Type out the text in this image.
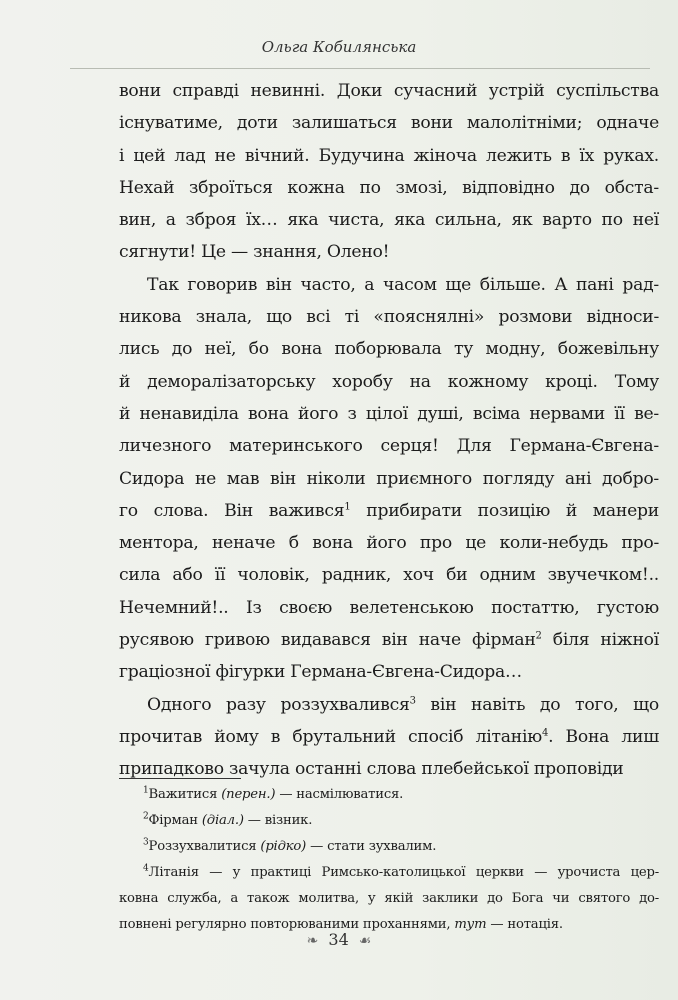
Ольга Кобилянська
вони справді невинні. Доки сучасний устрій суспільства
існуватиме, доти залишаться вони малолітніми; одначе
і цей лад не вічний. Будучина жіноча лежить в їх руках.
Нехай зброїться кожна по змозі, відповідно до обста-
вин, а зброя їх… яка чиста, яка сильна, як варто по неї
сягнути! Це — знання, Олено!
Так говорив він часто, а часом ще більше. А пані рад-
никова знала, що всі ті «пояснялні» розмови відноси-
лись до неї, бо вона поборювала ту модну, божевільну
й деморалізаторську хоробу на кожному кроці. Тому
й ненавиділа вона його з цілої душі, всіма нервами її ве-
личезного материнського серця! Для Германа-Євгена-
Сидора не мав він ніколи приємного погляду ані добро-
го слова. Він важився$^1$ прибирати позицію й манери
ментора, неначе б вона його про це коли-небудь про-
сила або її чоловік, радник, хоч би одним звучечком!..
Нечемний!.. Із своєю велетенською постаттю, густою
русявою гривою видавався він наче фірман$^2$ біля ніжної
граціозної фігурки Германа-Євгена-Сидора…
Одного разу роззухвалився$^3$ він навіть до того, що
прочитав йому в брутальний спосіб літанію$^4$. Вона лиш
припадково зачула останні слова плебейської проповіди
$^1$Важитися (перен.) — насмілюватися.
$^2$Фірман (діал.) — візник.
$^3$Роззухвалитися (рідко) — стати зухвалим.
$^4$Літанія — у практиці Римсько-католицької церкви — урочиста цер-
ковна служба, а також молитва, у якій заклики до Бога чи святого до-
повнені регулярно повторюваними проханнями, тут — нотація.
❧ 34 ☙
